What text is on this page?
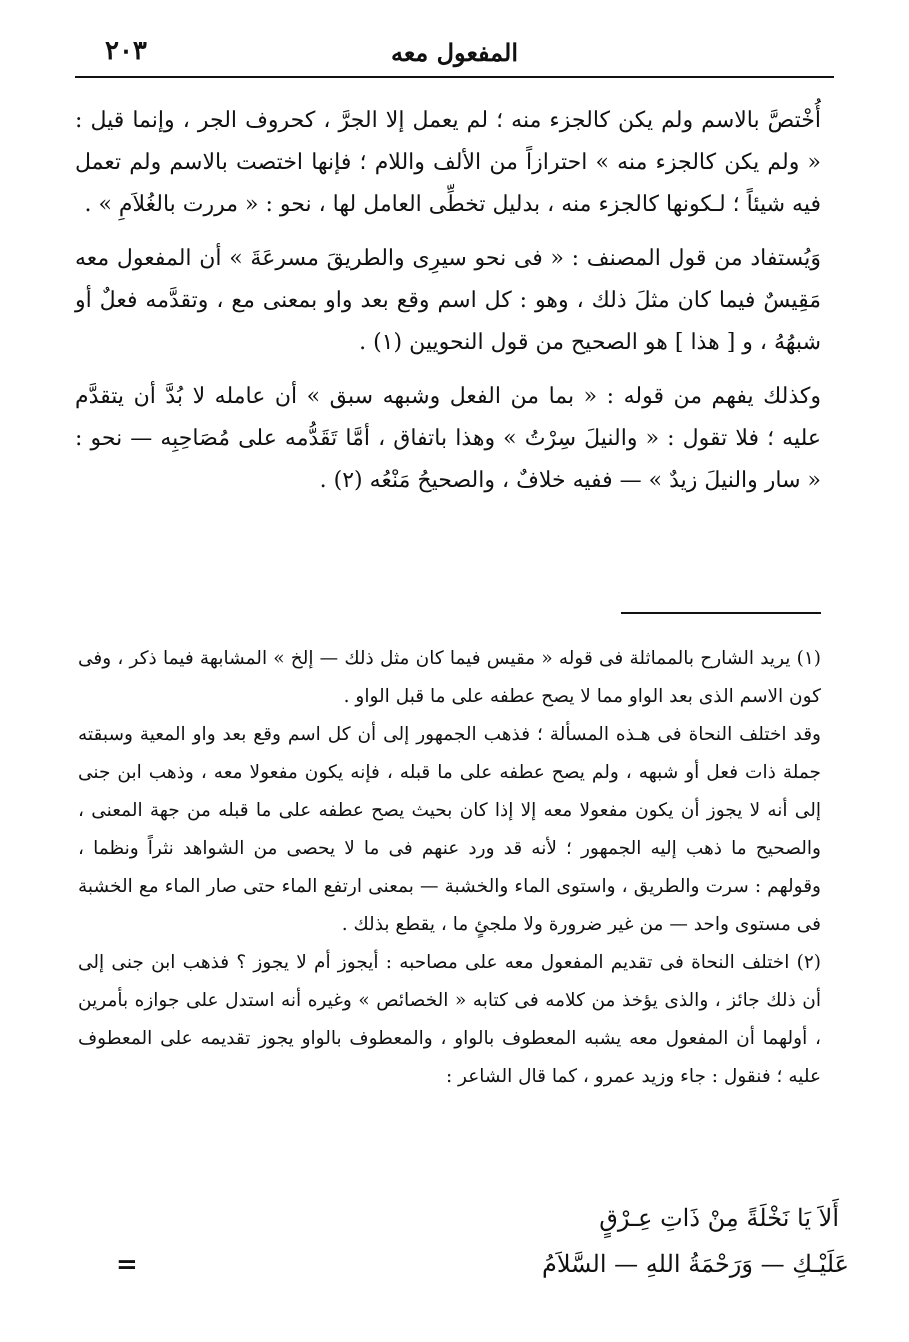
٢٠٣	المفعول معه

أُخْتصَّ بالاسم ولم يكن كالجزء منه ؛ لم يعمل إلا الجرَّ ، كحروف الجر ، وإنما قيل : « ولم يكن كالجزء منه » احترازاً من الألف واللام ؛ فإنها اختصت بالاسم ولم تعمل فيه شيئاً ؛ لـكونها كالجزء منه ، بدليل تخطِّى العامل لها ، نحو : « مررت بالغُلاَمِ » .

وَيُستفاد من قول المصنف : « فى نحو سيرِى والطريقَ مسرعَةَ » أن المفعول معه مَقِيسٌ فيما كان مثلَ ذلك ، وهو : كل اسم وقع بعد واو بمعنى مع ، وتقدَّمه فعلٌ أو شبهُهُ ، و [ هذا ] هو الصحيح من قول النحويين (١) .

وكذلك يفهم من قوله : « بما من الفعل وشبهه سبق » أن عامله لا بُدَّ أن يتقدَّم عليه ؛ فلا تقول : « والنيلَ سِرْتُ » وهذا باتفاق ، أمَّا تَقَدُّمه على مُصَاحِبِه — نحو : « سار والنيلَ زيدٌ » — ففيه خلافٌ ، والصحيحُ مَنْعُه (٢) .

(١) يريد الشارح بالمماثلة فى قوله « مقيس فيما كان مثل ذلك — إلخ » المشابهة فيما ذكر ، وفى كون الاسم الذى بعد الواو مما لا يصح عطفه على ما قبل الواو .

وقد اختلف النحاة فى هـذه المسألة ؛ فذهب الجمهور إلى أن كل اسم وقع بعد واو المعية وسبقته جملة ذات فعل أو شبهه ، ولم يصح عطفه على ما قبله ، فإنه يكون مفعولا معه ، وذهب ابن جنى إلى أنه لا يجوز أن يكون مفعولا معه إلا إذا كان بحيث يصح عطفه على ما قبله من جهة المعنى ، والصحيح ما ذهب إليه الجمهور ؛ لأنه قد ورد عنهم فى ما لا يحصى من الشواهد نثراً ونظما ، وقولهم : سرت والطريق ، واستوى الماء والخشبة — بمعنى ارتفع الماء حتى صار الماء مع الخشبة فى مستوى واحد — من غير ضرورة ولا ملجئٍ ما ، يقطع بذلك .

(٢) اختلف النحاة فى تقديم المفعول معه على مصاحبه : أيجوز أم لا يجوز ؟ فذهب ابن جنى إلى أن ذلك جائز ، والذى يؤخذ من كلامه فى كتابه « الخصائص » وغيره أنه استدل على جوازه بأمرين ، أولهما أن المفعول معه يشبه المعطوف بالواو ، والمعطوف بالواو يجوز تقديمه على المعطوف عليه ؛ فنقول : جاء وزيد عمرو ، كما قال الشاعر :

أَلاَ يَا نَخْلَةً مِنْ ذَاتِ عِـرْقٍ
عَلَيْـكِ — وَرَحْمَةُ اللهِ — السَّلاَمُ
=
